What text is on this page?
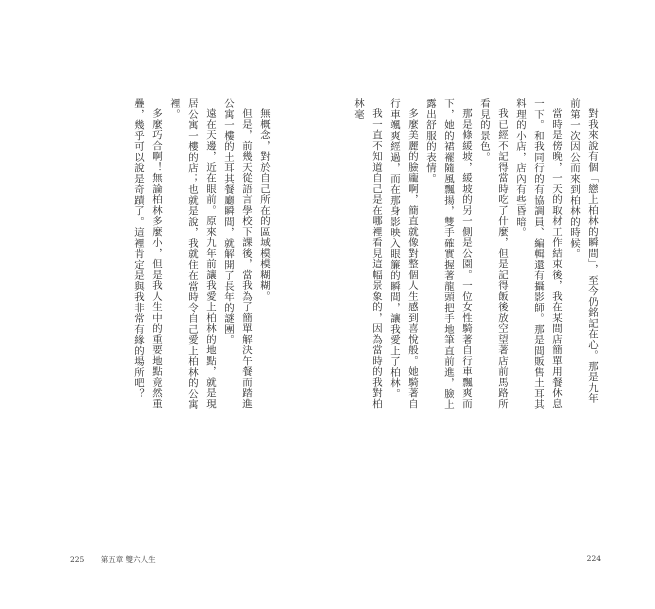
無概念，對於自己所在的區域模模糊糊。

但是，前幾天從語言學校下課後，當我為了簡單解決午餐而踏進公寓一樓的土耳其餐廳瞬間，就解開了長年的謎團。

遠在天邊，近在眼前。原來九年前讓我愛上柏林的地點，就是現居公寓一樓的店；也就是說，我就住在當時令自己愛上柏林的公寓裡。

多麼巧合啊！無論柏林多麼小，但是我人生中的重要地點竟然重疊，幾乎可以說是奇蹟了。這裡肯定是與我非常有緣的場所吧？

225 第五章 雙六人生

對我來說有個「戀上柏林的瞬間」，至今仍銘記在心。那是九年前第一次因公而來到柏林的時候。

當時是傍晚，一天的取材工作結束後，我在某間店簡單用餐休息一下。和我同行的有協調員、編輯還有攝影師。那是間販售土耳其料理的小店，店內有些昏暗。

我已經不記得當時吃了什麼，但是記得飯後放空望著店前馬路所看見的景色。

那是條緩坡，緩坡的另一側是公園。一位女性騎著自行車飄爽而下，她的裙襬隨風飄揚，雙手確實握著龍頭把手地筆直前進，臉上露出舒服的表情。

多麼美麗的臉龐啊，簡直就像對整個人生感到喜悅般。她騎著自行車颯爽經過，而在那身影映入眼簾的瞬間，讓我愛上了柏林。

我一直不知道自己是在哪裡看見這幅景象的，因為當時的我對柏林毫

224
